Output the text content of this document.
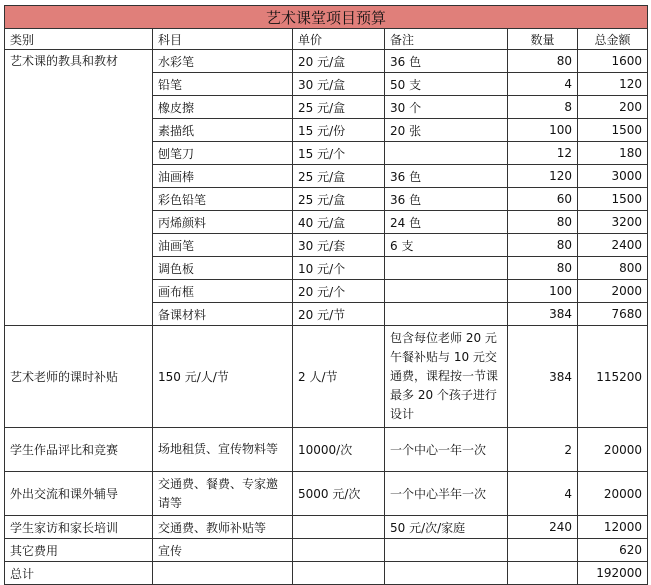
艺术课堂项目预算					
类别	科目	单价	备注	数量	总金额
艺术课的教具和教材	水彩笔	20 元/盒	36 色	80	1600
	铅笔	30 元/盒	50 支	4	120
	橡皮擦	25 元/盒	30 个	8	200
	素描纸	15 元/份	20 张	100	1500
	刨笔刀	15 元/个		12	180
	油画棒	25 元/盒	36 色	120	3000
	彩色铅笔	25 元/盒	36 色	60	1500
	丙烯颜料	40 元/盒	24 色	80	3200
	油画笔	30 元/套	6 支	80	2400
	调色板	10 元/个		80	800
	画布框	20 元/个		100	2000
	备课材料	20 元/节		384	7680
艺术老师的课时补贴	150 元/人/节	2 人/节	包含每位老师 20 元午餐补贴与 10 元交通费，课程按一节课最多 20 个孩子进行设计	384	115200
学生作品评比和竞赛	场地租赁、宣传物料等	10000/次	一个中心一年一次	2	20000
外出交流和课外辅导	交通费、餐费、专家邀请等	5000 元/次	一个中心半年一次	4	20000
学生家访和家长培训	交通费、教师补贴等		50 元/次/家庭	240	12000
其它费用	宣传				620
总计					192000
